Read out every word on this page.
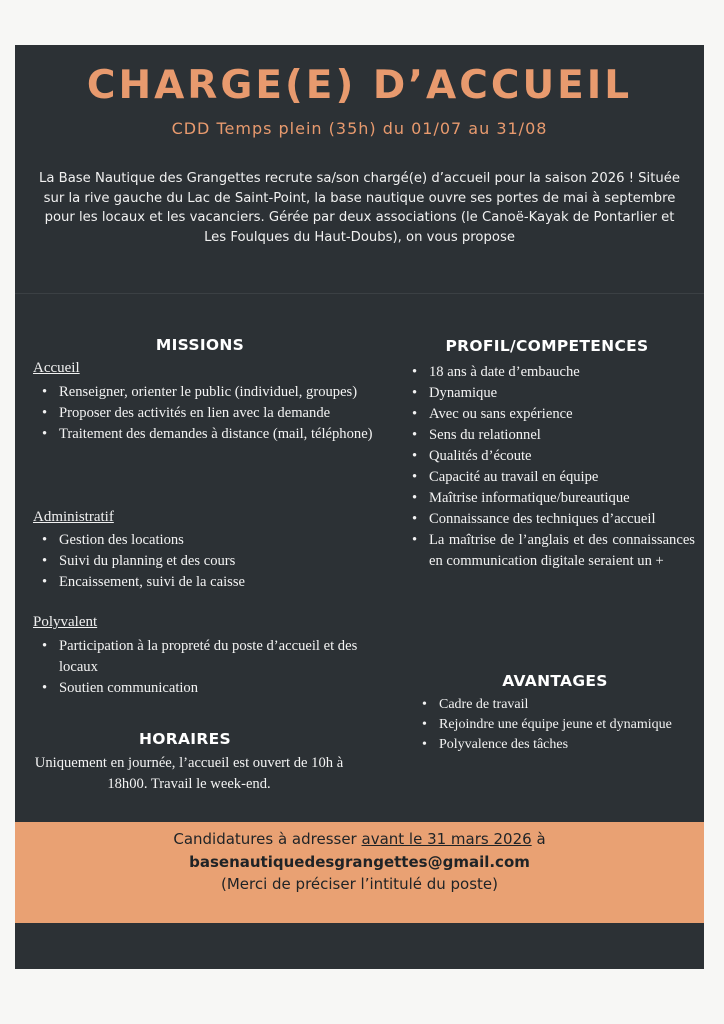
CHARGE(E) D’ACCUEIL
CDD Temps plein (35h) du 01/07 au 31/08
La Base Nautique des Grangettes recrute sa/son chargé(e) d’accueil pour la saison 2026 ! Située sur la rive gauche du Lac de Saint-Point, la base nautique ouvre ses portes de mai à septembre pour les locaux et les vacanciers. Gérée par deux associations (le Canoë-Kayak de Pontarlier et Les Foulques du Haut-Doubs), on vous propose
MISSIONS
Accueil
• Renseigner, orienter le public (individuel, groupes)
• Proposer des activités en lien avec la demande
• Traitement des demandes à distance (mail, téléphone)
Administratif
• Gestion des locations
• Suivi du planning et des cours
• Encaissement, suivi de la caisse
Polyvalent
• Participation à la propreté du poste d’accueil et des locaux
• Soutien communication
HORAIRES
Uniquement en journée, l’accueil est ouvert de 10h à 18h00. Travail le week-end.
PROFIL/COMPETENCES
• 18 ans à date d’embauche
• Dynamique
• Avec ou sans expérience
• Sens du relationnel
• Qualités d’écoute
• Capacité au travail en équipe
• Maîtrise informatique/bureautique
• Connaissance des techniques d’accueil
• La maîtrise de l’anglais et des connaissances en communication digitale seraient un +
AVANTAGES
• Cadre de travail
• Rejoindre une équipe jeune et dynamique
• Polyvalence des tâches
Candidatures à adresser avant le 31 mars 2026 à
basenautiquedesgrangettes@gmail.com
(Merci de préciser l’intitulé du poste)
